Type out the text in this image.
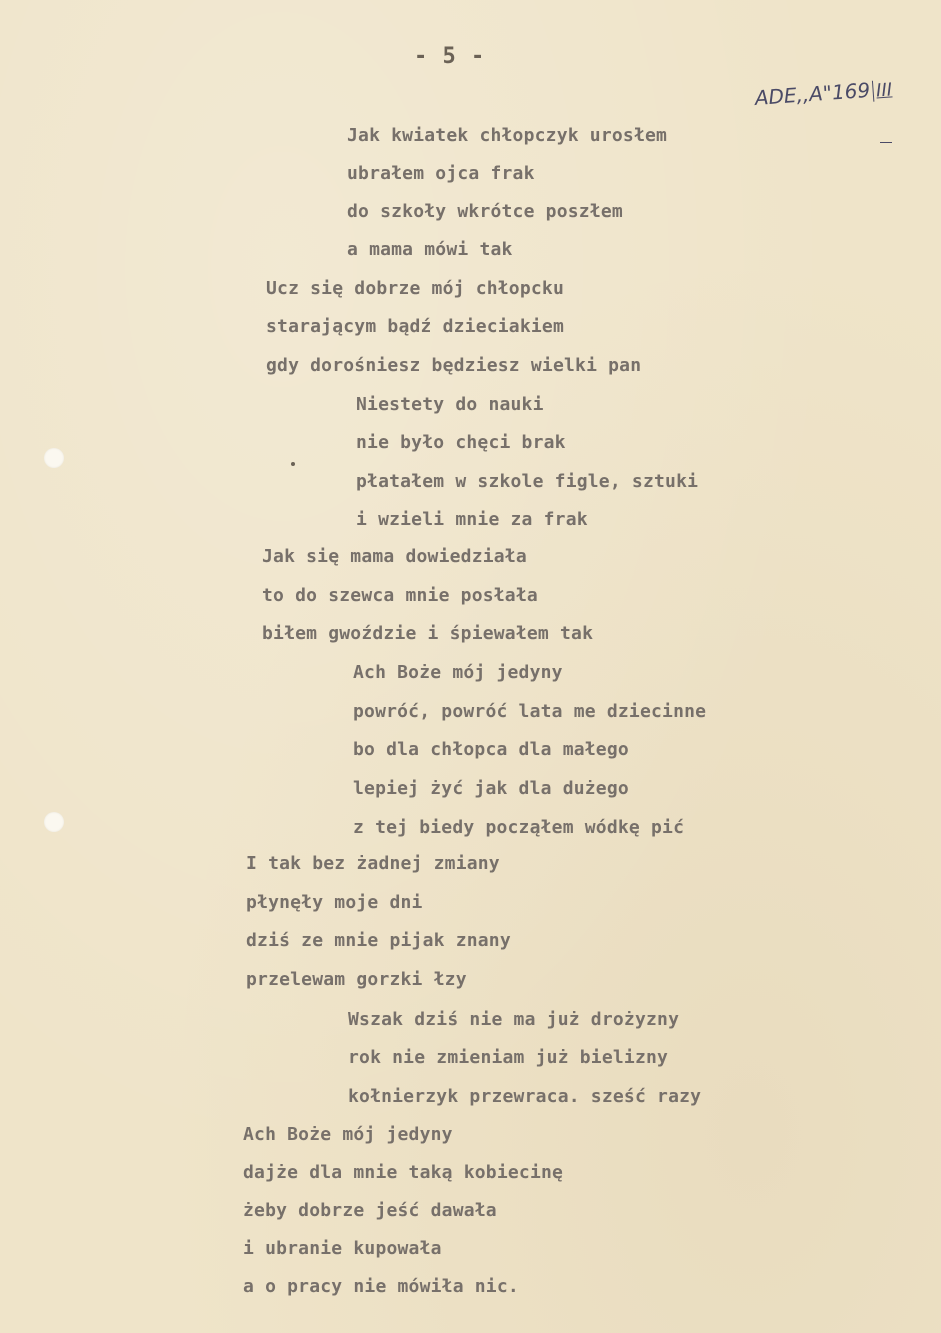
- 5 -
ADE,,A"169 III
Jak kwiatek chłopczyk urosłem
ubrałem ojca frak
do szkoły wkrótce poszłem
a mama mówi tak
Ucz się dobrze mój chłopcku
starającym bądź dzieciakiem
gdy dorośniesz będziesz wielki pan
Niestety do nauki
nie było chęci brak
płatałem w szkole figle, sztuki
i wzieli mnie za frak
Jak się mama dowiedziała
to do szewca mnie posłała
biłem gwoździe i śpiewałem tak
Ach Boże mój jedyny
powróć, powróć lata me dziecinne
bo dla chłopca dla małego
lepiej żyć jak dla dużego
z tej biedy począłem wódkę pić
I tak bez żadnej zmiany
płynęły moje dni
dziś ze mnie pijak znany
przelewam gorzki łzy
Wszak dziś nie ma już drożyzny
rok nie zmieniam już bielizny
kołnierzyk przewraca. sześć razy
Ach Boże mój jedyny
dajże dla mnie taką kobiecinę
żeby dobrze jeść dawała
i ubranie kupowała
a o pracy nie mówiła nic.
